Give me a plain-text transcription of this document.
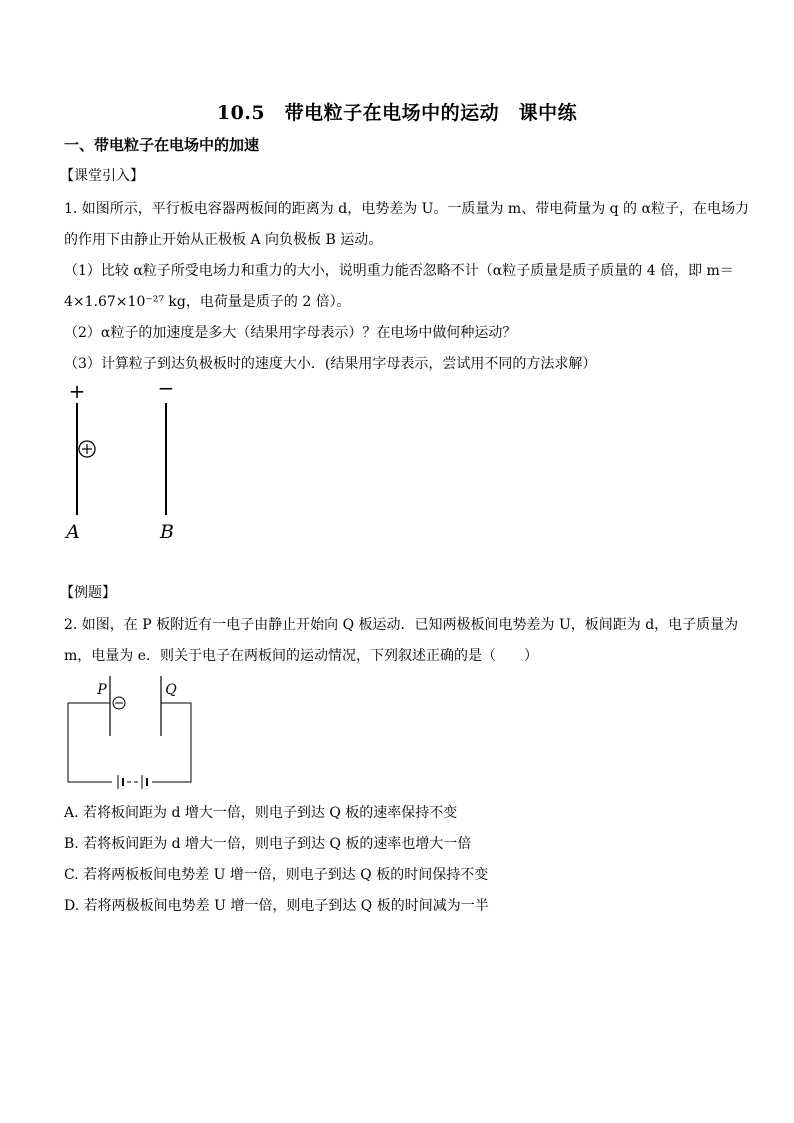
10.5　带电粒子在电场中的运动　课中练
一、带电粒子在电场中的加速
【课堂引入】
1. 如图所示，平行板电容器两板间的距离为 d，电势差为 U。一质量为 m、带电荷量为 q 的 α粒子，在电场力
的作用下由静止开始从正极板 A 向负极板 B 运动。
（1）比较 α粒子所受电场力和重力的大小，说明重力能否忽略不计（α粒子质量是质子质量的 4 倍，即 m＝
4×1.67×10⁻²⁷ kg，电荷量是质子的 2 倍）。
（2）α粒子的加速度是多大（结果用字母表示）？在电场中做何种运动？
（3）计算粒子到达负极板时的速度大小．(结果用字母表示，尝试用不同的方法求解）
+	−
A	B
【例题】
2. 如图，在 P 板附近有一电子由静止开始向 Q 板运动．已知两极板间电势差为 U，板间距为 d，电子质量为
m，电量为 e．则关于电子在两板间的运动情况，下列叙述正确的是（　　）
P	Q
A. 若将板间距为 d 增大一倍，则电子到达 Q 板的速率保持不变
B. 若将板间距为 d 增大一倍，则电子到达 Q 板的速率也增大一倍
C. 若将两板板间电势差 U 增一倍，则电子到达 Q 板的时间保持不变
D. 若将两极板间电势差 U 增一倍，则电子到达 Q 板的时间减为一半
